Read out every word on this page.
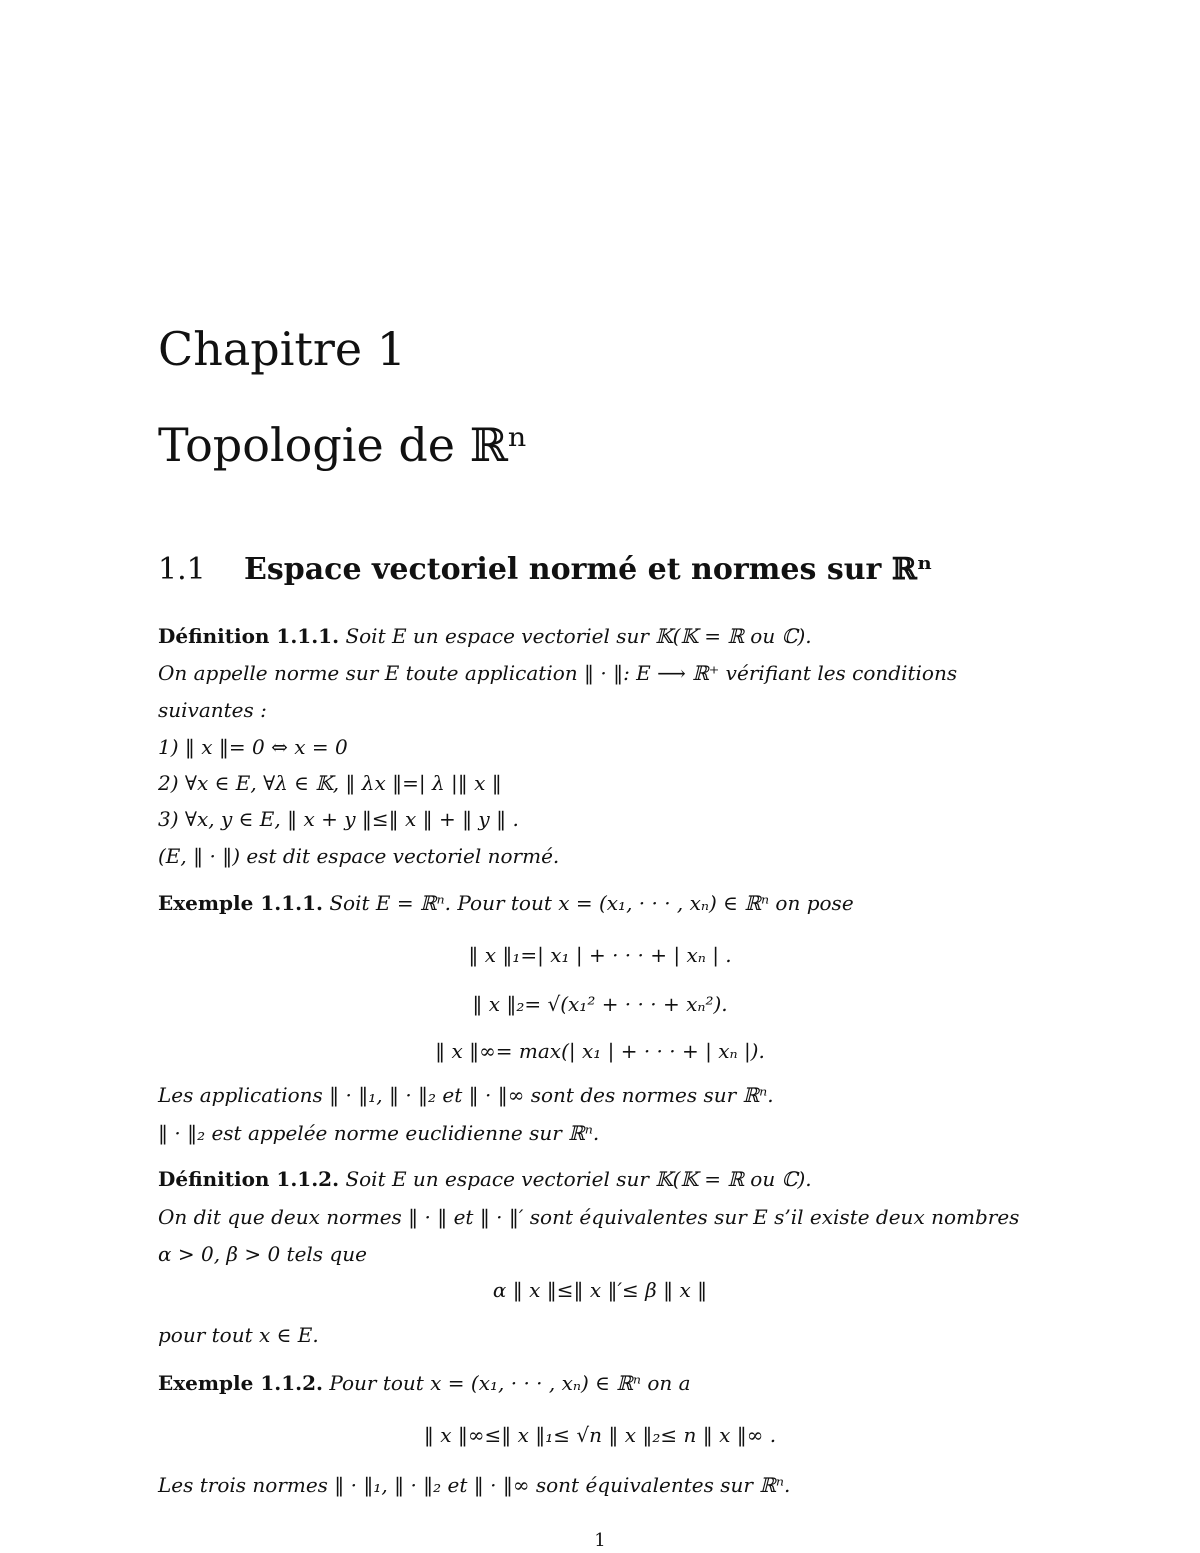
Chapitre 1
Topologie de ℝⁿ
1.1 Espace vectoriel normé et normes sur ℝⁿ
Définition 1.1.1. Soit E un espace vectoriel sur 𝕂(𝕂 = ℝ ou ℂ).
On appelle norme sur E toute application ‖ · ‖: E ⟶ ℝ⁺ vérifiant les conditions
suivantes :
1) ‖ x ‖= 0 ⇔ x = 0
2) ∀x ∈ E, ∀λ ∈ 𝕂, ‖ λx ‖=| λ |‖ x ‖
3) ∀x, y ∈ E, ‖ x + y ‖≤‖ x ‖ + ‖ y ‖ .
(E, ‖ · ‖) est dit espace vectoriel normé.
Exemple 1.1.1. Soit E = ℝⁿ. Pour tout x = (x₁, · · · , xₙ) ∈ ℝⁿ on pose
‖ x ‖₁=| x₁ | + · · · + | xₙ | .
‖ x ‖₂= √(x₁² + · · · + xₙ²).
‖ x ‖∞= max(| x₁ | + · · · + | xₙ |).
Les applications ‖ · ‖₁, ‖ · ‖₂ et ‖ · ‖∞ sont des normes sur ℝⁿ.
‖ · ‖₂ est appelée norme euclidienne sur ℝⁿ.
Définition 1.1.2. Soit E un espace vectoriel sur 𝕂(𝕂 = ℝ ou ℂ).
On dit que deux normes ‖ · ‖ et ‖ · ‖′ sont équivalentes sur E s’il existe deux nombres
α > 0, β > 0 tels que
α ‖ x ‖≤‖ x ‖′≤ β ‖ x ‖
pour tout x ∈ E.
Exemple 1.1.2. Pour tout x = (x₁, · · · , xₙ) ∈ ℝⁿ on a
‖ x ‖∞≤‖ x ‖₁≤ √n ‖ x ‖₂≤ n ‖ x ‖∞ .
Les trois normes ‖ · ‖₁, ‖ · ‖₂ et ‖ · ‖∞ sont équivalentes sur ℝⁿ.
1
